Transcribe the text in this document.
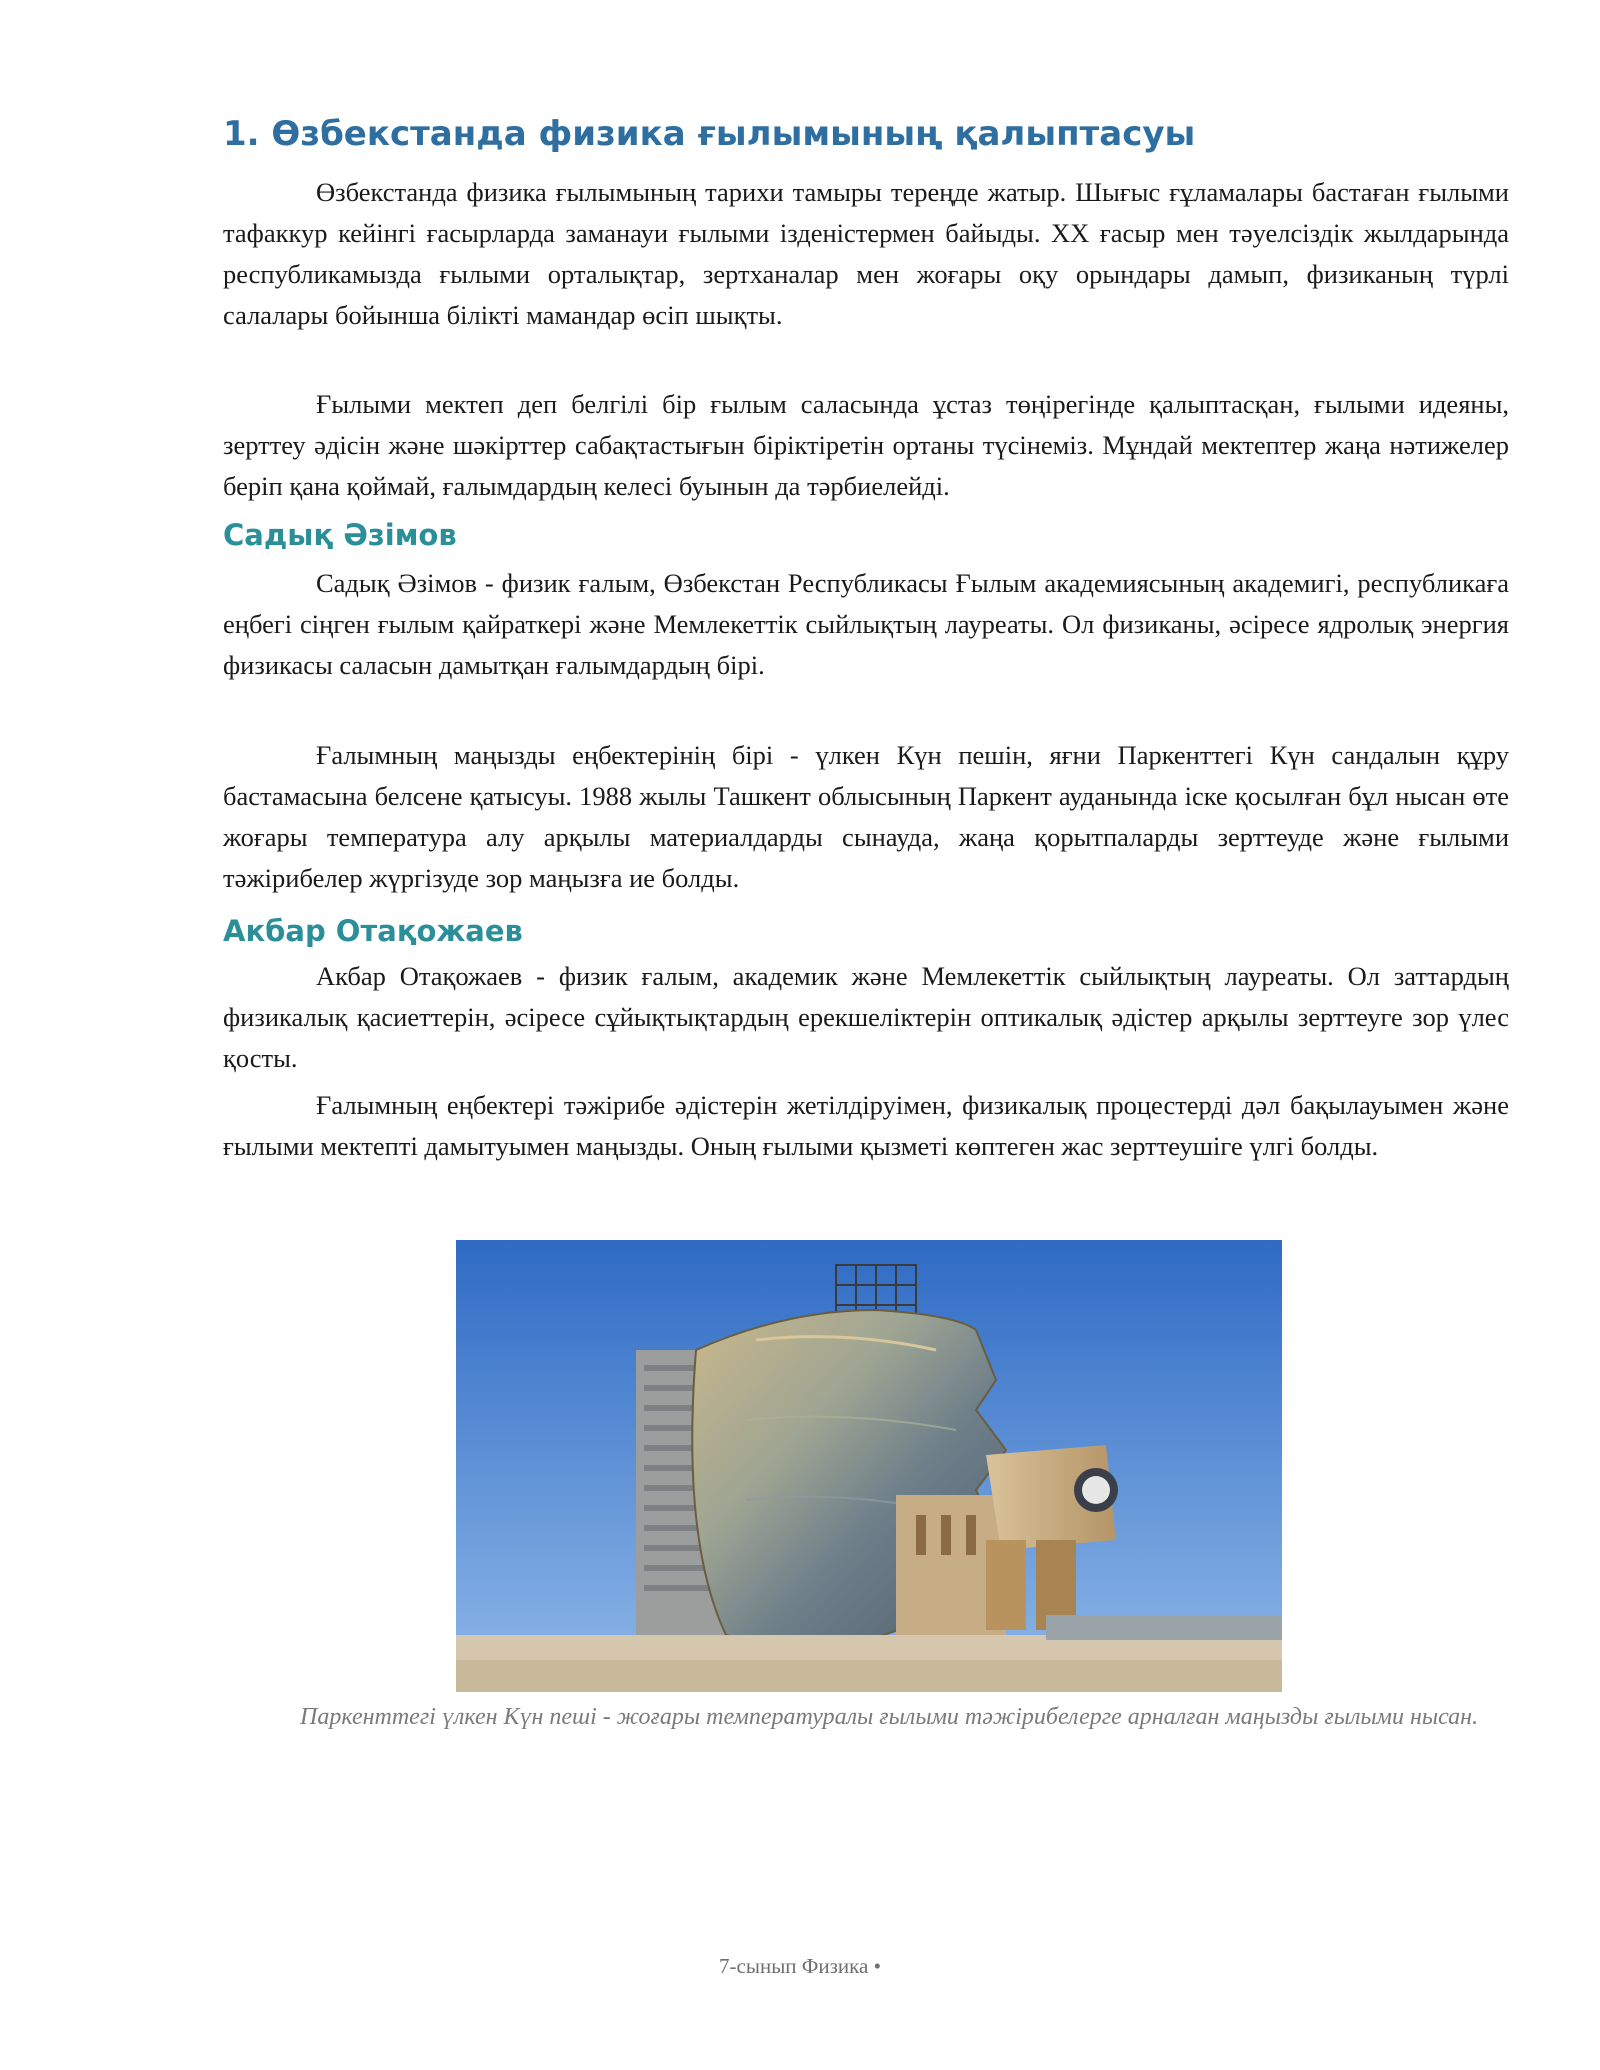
1. Өзбекстанда физика ғылымының қалыптасуы

Өзбекстанда физика ғылымының тарихи тамыры тереңде жатыр. Шығыс ғұламалары бастаған ғылыми тафаккур кейінгі ғасырларда заманауи ғылыми ізденістермен байыды. XX ғасыр мен тәуелсіздік жылдарында республикамызда ғылыми орталықтар, зертханалар мен жоғары оқу орындары дамып, физиканың түрлі салалары бойынша білікті мамандар өсіп шықты.

Ғылыми мектеп деп белгілі бір ғылым саласында ұстаз төңірегінде қалыптасқан, ғылыми идеяны, зерттеу әдісін және шәкірттер сабақтастығын біріктіретін ортаны түсінеміз. Мұндай мектептер жаңа нәтижелер беріп қана қоймай, ғалымдардың келесі буынын да тәрбиелейді.

Садық Әзімов

Садық Әзімов - физик ғалым, Өзбекстан Республикасы Ғылым академиясының академигі, республикаға еңбегі сіңген ғылым қайраткері және Мемлекеттік сыйлықтың лауреаты. Ол физиканы, әсіресе ядролық энергия физикасы саласын дамытқан ғалымдардың бірі.

Ғалымның маңызды еңбектерінің бірі - үлкен Күн пешін, яғни Паркенттегі Күн сандалын құру бастамасына белсене қатысуы. 1988 жылы Ташкент облысының Паркент ауданында іске қосылған бұл нысан өте жоғары температура алу арқылы материалдарды сынауда, жаңа қорытпаларды зерттеуде және ғылыми тәжірибелер жүргізуде зор маңызға ие болды.

Акбар Отақожаев

Акбар Отақожаев - физик ғалым, академик және Мемлекеттік сыйлықтың лауреаты. Ол заттардың физикалық қасиеттерін, әсіресе сұйықтықтардың ерекшеліктерін оптикалық әдістер арқылы зерттеуге зор үлес қосты.

Ғалымның еңбектері тәжірибе әдістерін жетілдіруімен, физикалық процестерді дәл бақылауымен және ғылыми мектепті дамытуымен маңызды. Оның ғылыми қызметі көптеген жас зерттеушіге үлгі болды.

Паркенттегі үлкен Күн пеші - жоғары температуралы ғылыми тәжірибелерге арналған маңызды ғылыми нысан.

7-сынып Физика •
